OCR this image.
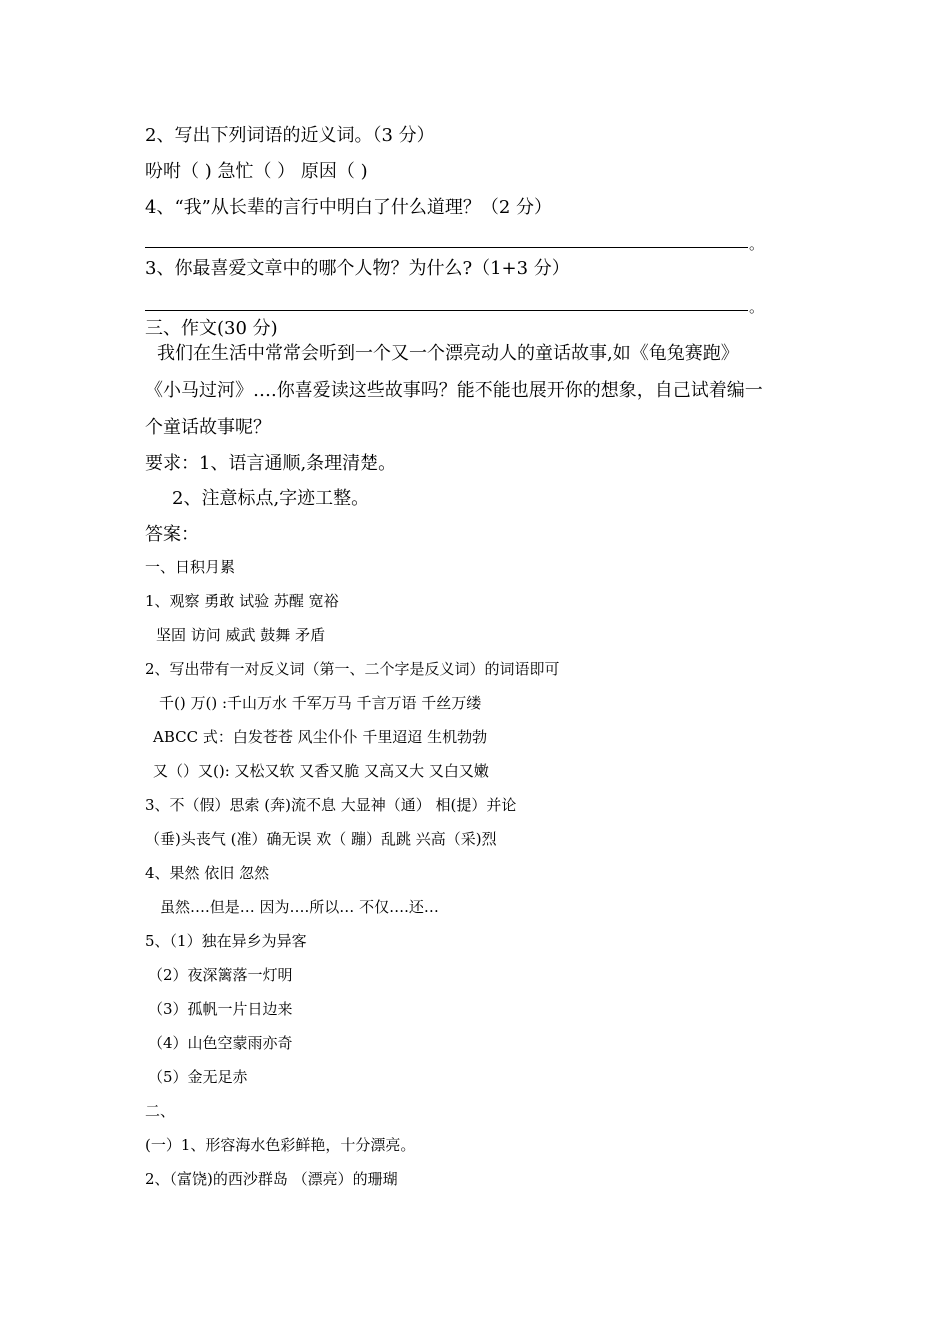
2、写出下列词语的近义词。（3 分）
吩咐（ ) 急忙（ ） 原因（ )
4、“我”从长辈的言行中明白了什么道理？（2 分）
3、你最喜爱文章中的哪个人物？为什么?（1+3 分）
三、作文(30 分)
我们在生活中常常会听到一个又一个漂亮动人的童话故事,如《龟兔赛跑》
《小马过河》….你喜爱读这些故事吗？能不能也展开你的想象，自己试着编一
个童话故事呢？
要求：1、语言通顺,条理清楚。
2、注意标点,字迹工整。
答案：
一、日积月累
1、观察 勇敢 试验 苏醒 宽裕
坚固 访问 威武 鼓舞 矛盾
2、写出带有一对反义词（第一、二个字是反义词）的词语即可
千() 万() :千山万水 千军万马 千言万语 千丝万缕
ABCC 式：白发苍苍 风尘仆仆 千里迢迢 生机勃勃
又（）又(): 又松又软 又香又脆 又高又大 又白又嫩
3、不（假）思索 (奔)流不息 大显神（通） 相(提）并论
（垂)头丧气 (准）确无误 欢（ 蹦）乱跳 兴高（采)烈
4、果然 依旧 忽然
虽然….但是… 因为….所以… 不仅….还…
5、（1）独在异乡为异客
（2）夜深篱落一灯明
（3）孤帆一片日边来
（4）山色空蒙雨亦奇
（5）金无足赤
二、
(一）1、形容海水色彩鲜艳，十分漂亮。
2、（富饶)的西沙群岛 （漂亮）的珊瑚
。
。
